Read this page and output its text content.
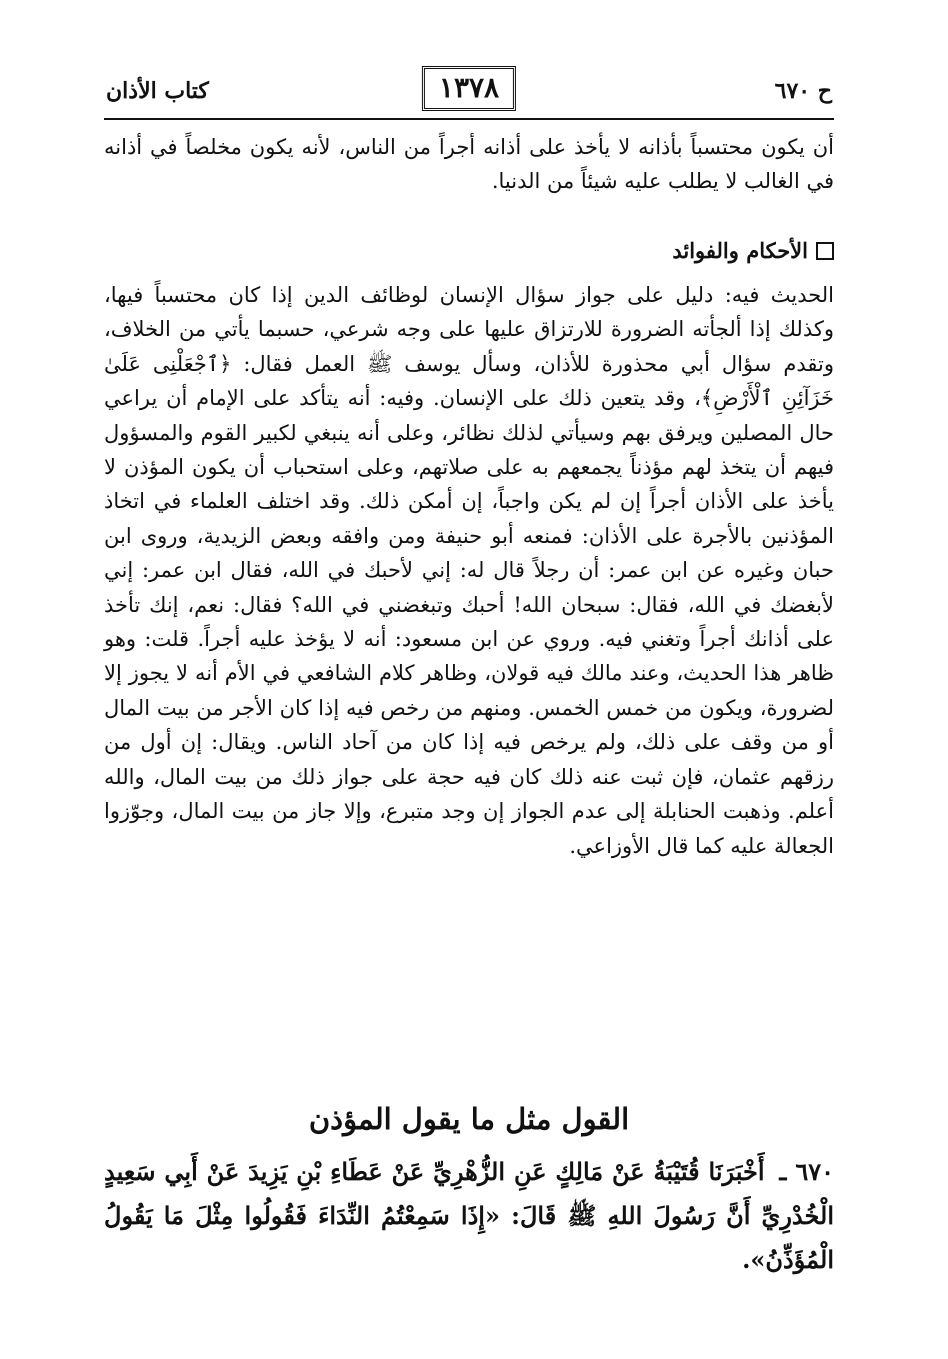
ح ٦٧٠
١٣٧٨
كتاب الأذان
أن يكون محتسباً بأذانه لا يأخذ على أذانه أجراً من الناس، لأنه يكون مخلصاً في أذانه في الغالب لا يطلب عليه شيئاً من الدنيا.
الأحكام والفوائد
الحديث فيه: دليل على جواز سؤال الإنسان لوظائف الدين إذا كان محتسباً فيها، وكذلك إذا ألجأته الضرورة للارتزاق عليها على وجه شرعي، حسبما يأتي من الخلاف، وتقدم سؤال أبي محذورة للأذان، وسأل يوسف ﷺ العمل فقال: ﴿ٱجْعَلْنِى عَلَىٰ خَزَآئِنِ ٱلْأَرْضِ﴾، وقد يتعين ذلك على الإنسان. وفيه: أنه يتأكد على الإمام أن يراعي حال المصلين ويرفق بهم وسيأتي لذلك نظائر، وعلى أنه ينبغي لكبير القوم والمسؤول فيهم أن يتخذ لهم مؤذناً يجمعهم به على صلاتهم، وعلى استحباب أن يكون المؤذن لا يأخذ على الأذان أجراً إن لم يكن واجباً، إن أمكن ذلك. وقد اختلف العلماء في اتخاذ المؤذنين بالأجرة على الأذان: فمنعه أبو حنيفة ومن وافقه وبعض الزيدية، وروى ابن حبان وغيره عن ابن عمر: أن رجلاً قال له: إني لأحبك في الله، فقال ابن عمر: إني لأبغضك في الله، فقال: سبحان الله! أحبك وتبغضني في الله؟ فقال: نعم، إنك تأخذ على أذانك أجراً وتغني فيه. وروي عن ابن مسعود: أنه لا يؤخذ عليه أجراً. قلت: وهو ظاهر هذا الحديث، وعند مالك فيه قولان، وظاهر كلام الشافعي في الأم أنه لا يجوز إلا لضرورة، ويكون من خمس الخمس. ومنهم من رخص فيه إذا كان الأجر من بيت المال أو من وقف على ذلك، ولم يرخص فيه إذا كان من آحاد الناس. ويقال: إن أول من رزقهم عثمان، فإن ثبت عنه ذلك كان فيه حجة على جواز ذلك من بيت المال، والله أعلم. وذهبت الحنابلة إلى عدم الجواز إن وجد متبرع، وإلا جاز من بيت المال، وجوّزوا الجعالة عليه كما قال الأوزاعي.
القول مثل ما يقول المؤذن
٦٧٠ ـ أَخْبَرَنَا قُتَيْبَةُ عَنْ مَالِكٍ عَنِ الزُّهْرِيِّ عَنْ عَطَاءِ بْنِ يَزِيدَ عَنْ أَبِي سَعِيدٍ الْخُدْرِيِّ أَنَّ رَسُولَ اللهِ ﷺ قَالَ: «إِذَا سَمِعْتُمُ النِّدَاءَ فَقُولُوا مِثْلَ مَا يَقُولُ الْمُؤَذِّنُ».
